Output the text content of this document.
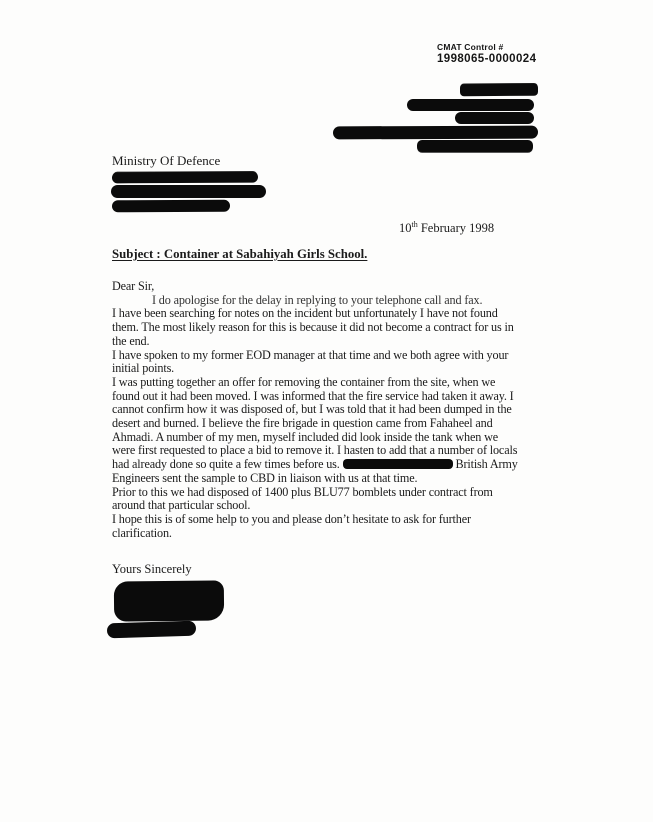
CMAT Control #
1998065-0000024
Ministry Of Defence
10th February 1998
Subject : Container at Sabahiyah Girls School.
Dear Sir,
I do apologise for the delay in replying to your telephone call and fax.
I have been searching for notes on the incident but unfortunately I have not found
them. The most likely reason for this is because it did not become a contract for us in
the end.
I have spoken to my former EOD manager at that time and we both agree with your
initial points.
I was putting together an offer for removing the container from the site, when we
found out it had been moved. I was informed that the fire service had taken it away. I
cannot confirm how it was disposed of, but I was told that it had been dumped in the
desert and burned. I believe the fire brigade in question came from Fahaheel and
Ahmadi. A number of my men, myself included did look inside the tank when we
were first requested to place a bid to remove it. I hasten to add that a number of locals
had already done so quite a few times before us.	British Army
Engineers sent the sample to CBD in liaison with us at that time.
Prior to this we had disposed of 1400 plus BLU77 bomblets under contract from
around that particular school.
I hope this is of some help to you and please don’t hesitate to ask for further
clarification.
Yours Sincerely
